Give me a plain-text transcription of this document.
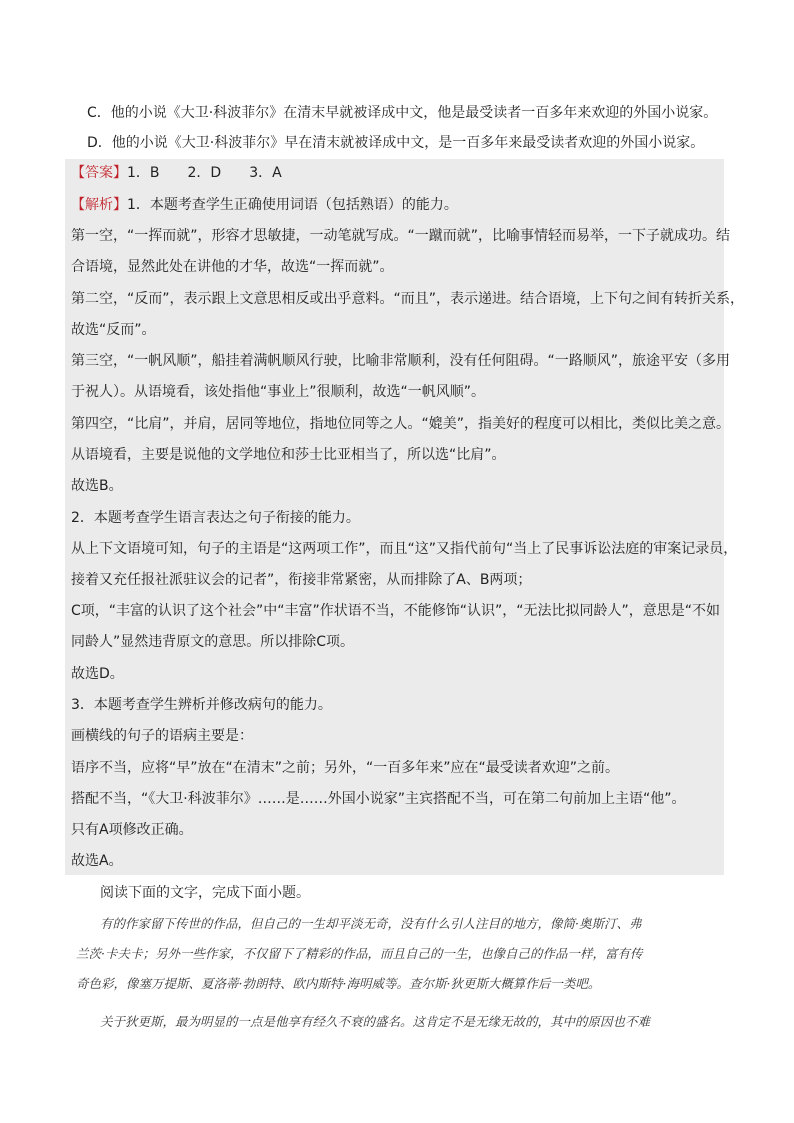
C．他的小说《大卫·科波菲尔》在清末早就被译成中文，他是最受读者一百多年来欢迎的外国小说家。
D．他的小说《大卫·科波菲尔》早在清末就被译成中文，是一百多年来最受读者欢迎的外国小说家。
【答案】1．B　　2．D　　3．A
【解析】1．本题考查学生正确使用词语（包括熟语）的能力。
第一空，“一挥而就”，形容才思敏捷，一动笔就写成。“一蹴而就”，比喻事情轻而易举，一下子就成功。结
合语境，显然此处在讲他的才华，故选“一挥而就”。
第二空，“反而”，表示跟上文意思相反或出乎意料。“而且”，表示递进。结合语境，上下句之间有转折关系，
故选“反而”。
第三空，“一帆风顺”，船挂着满帆顺风行驶，比喻非常顺利，没有任何阻碍。“一路顺风”，旅途平安（多用
于祝人）。从语境看，该处指他“事业上”很顺利，故选“一帆风顺”。
第四空，“比肩”，并肩，居同等地位，指地位同等之人。“媲美”，指美好的程度可以相比，类似比美之意。
从语境看，主要是说他的文学地位和莎士比亚相当了，所以选“比肩”。
故选B。
2．本题考查学生语言表达之句子衔接的能力。
从上下文语境可知，句子的主语是“这两项工作”，而且“这”又指代前句“当上了民事诉讼法庭的审案记录员，
接着又充任报社派驻议会的记者”，衔接非常紧密，从而排除了A、B两项；
C项，“丰富的认识了这个社会”中“丰富”作状语不当，不能修饰“认识”，“无法比拟同龄人”，意思是“不如
同龄人”显然违背原文的意思。所以排除C项。
故选D。
3．本题考查学生辨析并修改病句的能力。
画横线的句子的语病主要是：
语序不当，应将“早”放在“在清末”之前；另外，“一百多年来”应在“最受读者欢迎”之前。
搭配不当，“《大卫·科波菲尔》……是……外国小说家”主宾搭配不当，可在第二句前加上主语“他”。
只有A项修改正确。
故选A。
阅读下面的文字，完成下面小题。
有的作家留下传世的作品，但自己的一生却平淡无奇，没有什么引人注目的地方，像简·奥斯汀、弗
兰茨·卡夫卡；另外一些作家，不仅留下了精彩的作品，而且自己的一生，也像自己的作品一样，富有传
奇色彩，像塞万提斯、夏洛蒂·勃朗特、欧内斯特·海明威等。查尔斯·狄更斯大概算作后一类吧。
关于狄更斯，最为明显的一点是他享有经久不衰的盛名。这肯定不是无缘无故的，其中的原因也不难
